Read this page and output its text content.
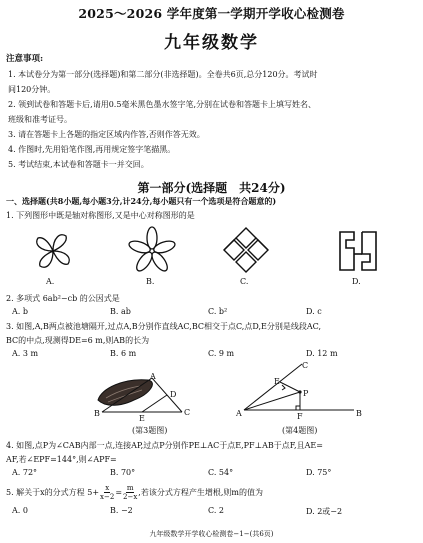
2025～2026 学年度第一学期开学收心检测卷
九年级数学
注意事项:
1. 本试卷分为第一部分(选择题)和第二部分(非选择题)。全卷共6页,总分120分。考试时
间120分钟。
2. 领到试卷和答题卡后,请用0.5毫米黑色墨水签字笔,分别在试卷和答题卡上填写姓名、
班级和准考证号。
3. 请在答题卡上各题的指定区域内作答,否则作答无效。
4. 作图时,先用铅笔作图,再用规定签字笔描黑。
5. 考试结束,本试卷和答题卡一并交回。
第一部分(选择题　共24分)
一、选择题(共8小题,每小题3分,计24分,每小题只有一个选项是符合题意的)
1. 下列图形中既是轴对称图形,又是中心对称图形的是
A.	B.	C.	D.
2. 多项式 6ab²−cb 的公因式是
A. b	B. ab	C. b²	D. c
3. 如图,A,B两点被池塘隔开,过点A,B分别作直线AC,BC相交于点C,点D,E分别是线段AC,
BC的中点,现测得DE=6 m,则AB的长为
A. 3 m	B. 6 m	C. 9 m	D. 12 m
A
B	C
D
E
(第3题图)
A	B
C
E
F
P
(第4题图)
4. 如图,点P为∠CAB内部一点,连接AP,过点P分别作PE⊥AC于点E,PF⊥AB于点F,且AE=
AF,若∠EPF=144°,则∠APF=
A. 72°	B. 70°	C. 54°	D. 75°
5. 解关于x的分式方程 $5+ \frac{x}{x-2} = \frac{m}{2-x}$ ,若该分式方程产生增根,则m的值为
A. 0	B. −2	C. 2	D. 2或−2
九年级数学开学收心检测卷−1−(共6页)
